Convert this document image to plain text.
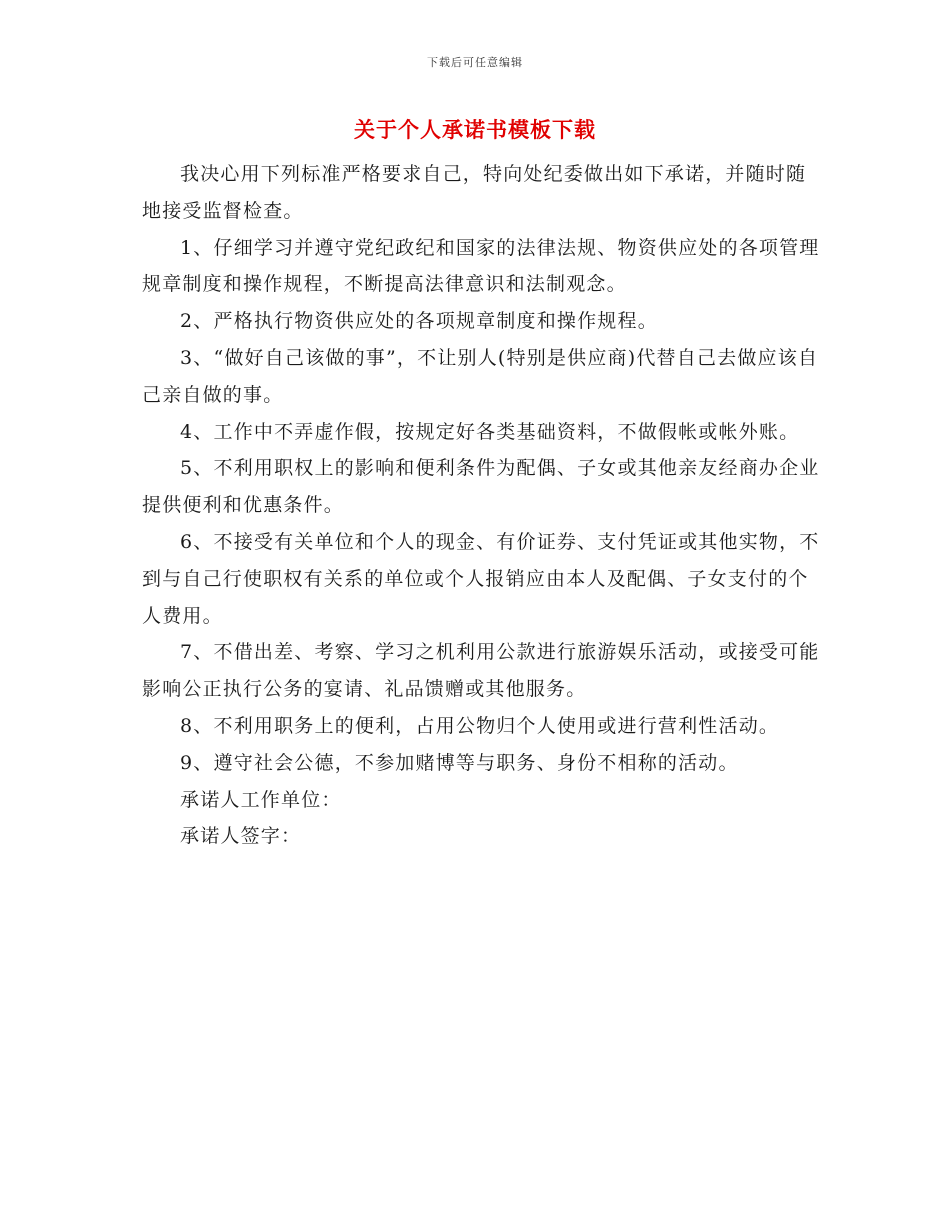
下载后可任意编辑
关于个人承诺书模板下载

我决心用下列标准严格要求自己，特向处纪委做出如下承诺，并随时随地接受监督检查。

1、仔细学习并遵守党纪政纪和国家的法律法规、物资供应处的各项管理规章制度和操作规程，不断提高法律意识和法制观念。

2、严格执行物资供应处的各项规章制度和操作规程。

3、“做好自己该做的事”，不让别人(特别是供应商)代替自己去做应该自己亲自做的事。

4、工作中不弄虚作假，按规定好各类基础资料，不做假帐或帐外账。

5、不利用职权上的影响和便利条件为配偶、子女或其他亲友经商办企业提供便利和优惠条件。

6、不接受有关单位和个人的现金、有价证券、支付凭证或其他实物，不到与自己行使职权有关系的单位或个人报销应由本人及配偶、子女支付的个人费用。

7、不借出差、考察、学习之机利用公款进行旅游娱乐活动，或接受可能影响公正执行公务的宴请、礼品馈赠或其他服务。

8、不利用职务上的便利，占用公物归个人使用或进行营利性活动。

9、遵守社会公德，不参加赌博等与职务、身份不相称的活动。

承诺人工作单位：

承诺人签字：
